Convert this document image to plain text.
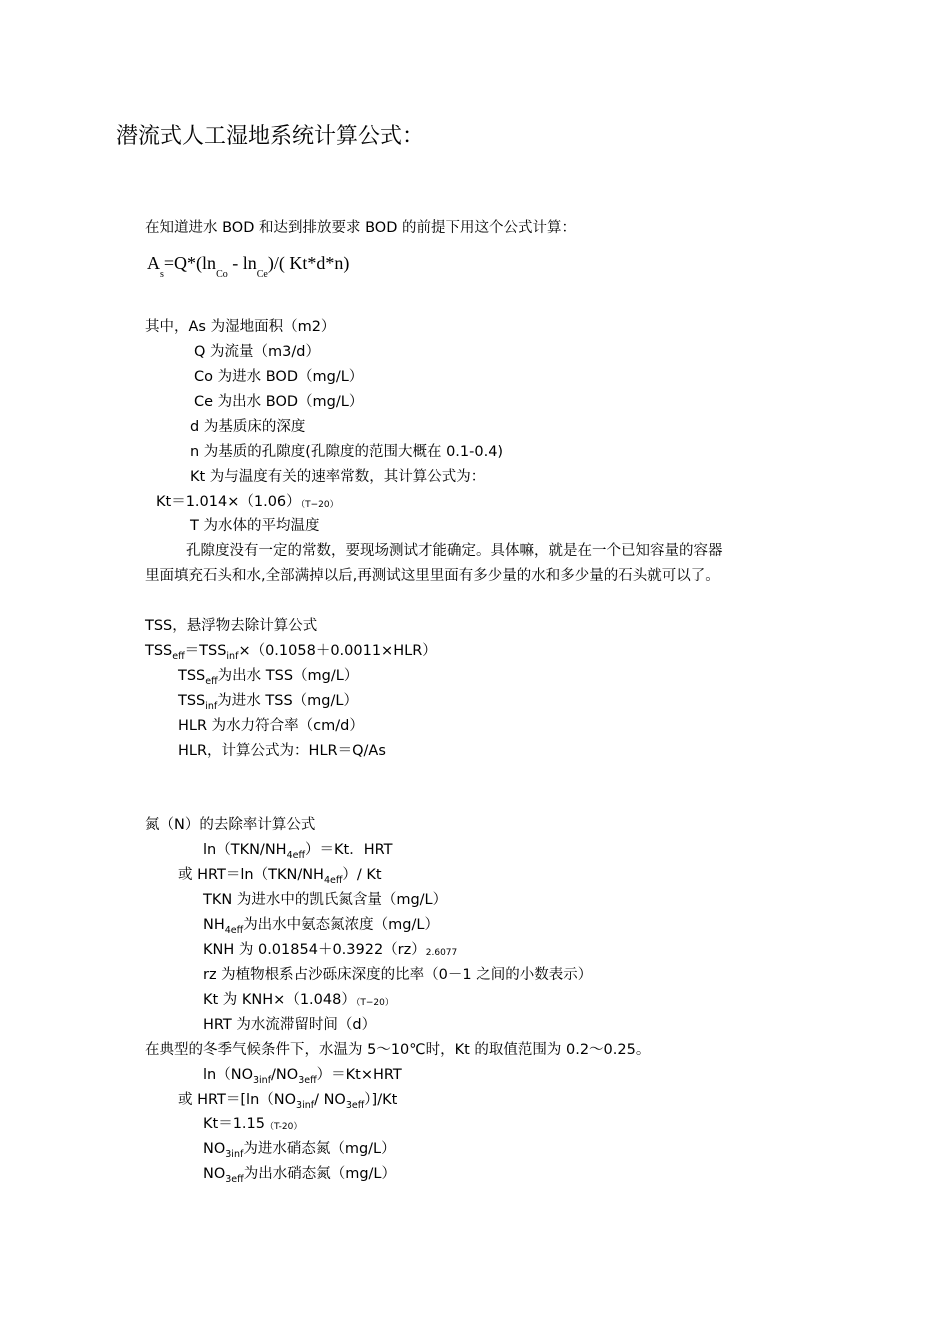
潜流式人工湿地系统计算公式：
在知道进水 BOD 和达到排放要求 BOD 的前提下用这个公式计算：
$A_s=Q*(\ln_{Co} - \ln_{Ce})/$( Kt*d*n)
其中，As 为湿地面积（m2）
Q 为流量（m3/d）
Co 为进水 BOD（mg/L）
Ce 为出水 BOD（mg/L）
d 为基质床的深度
n 为基质的孔隙度(孔隙度的范围大概在 0.1-0.4)
Kt 为与温度有关的速率常数，其计算公式为：
Kt＝1.014×（1.06）（T−20）
T 为水体的平均温度
孔隙度没有一定的常数，要现场测试才能确定。具体嘛，就是在一个已知容量的容器
里面填充石头和水,全部满掉以后,再测试这里里面有多少量的水和多少量的石头就可以了。
TSS，悬浮物去除计算公式
$TSS_{eff}=TSS_{inf}\times(0.1058+0.0011\times HLR)$
$TSS_{eff}$为出水 TSS（mg/L）
$TSS_{inf}$为进水 TSS（mg/L）
HLR 为水力符合率（cm/d）
HLR，计算公式为：HLR＝Q/As
氮（N）的去除率计算公式
$\ln(TKN/NH_{4eff})=Kt$．HRT
或 $HRT=\ln(TKN/NH_{4eff})/$ Kt
TKN 为进水中的凯氏氮含量（mg/L）
$NH_{4eff}$为出水中氨态氮浓度（mg/L）
KNH 为 0.01854＋0.3922（rz）2.6077
rz 为植物根系占沙砾床深度的比率（0－1 之间的小数表示）
Kt 为 KNH×（1.048）（T−20）
HRT 为水流滞留时间（d）
在典型的冬季气候条件下，水温为 5～10℃时，Kt 的取值范围为 0.2～0.25。
$\ln(NO_{3inf}/NO_{3eff})=Kt\times HRT$
或 $HRT=[\ln(NO_{3inf}/$ $NO_{3eff})]/Kt$
Kt＝1.15（T-20）
$NO_{3inf}$为进水硝态氮（mg/L）
$NO_{3eff}$为出水硝态氮（mg/L）
